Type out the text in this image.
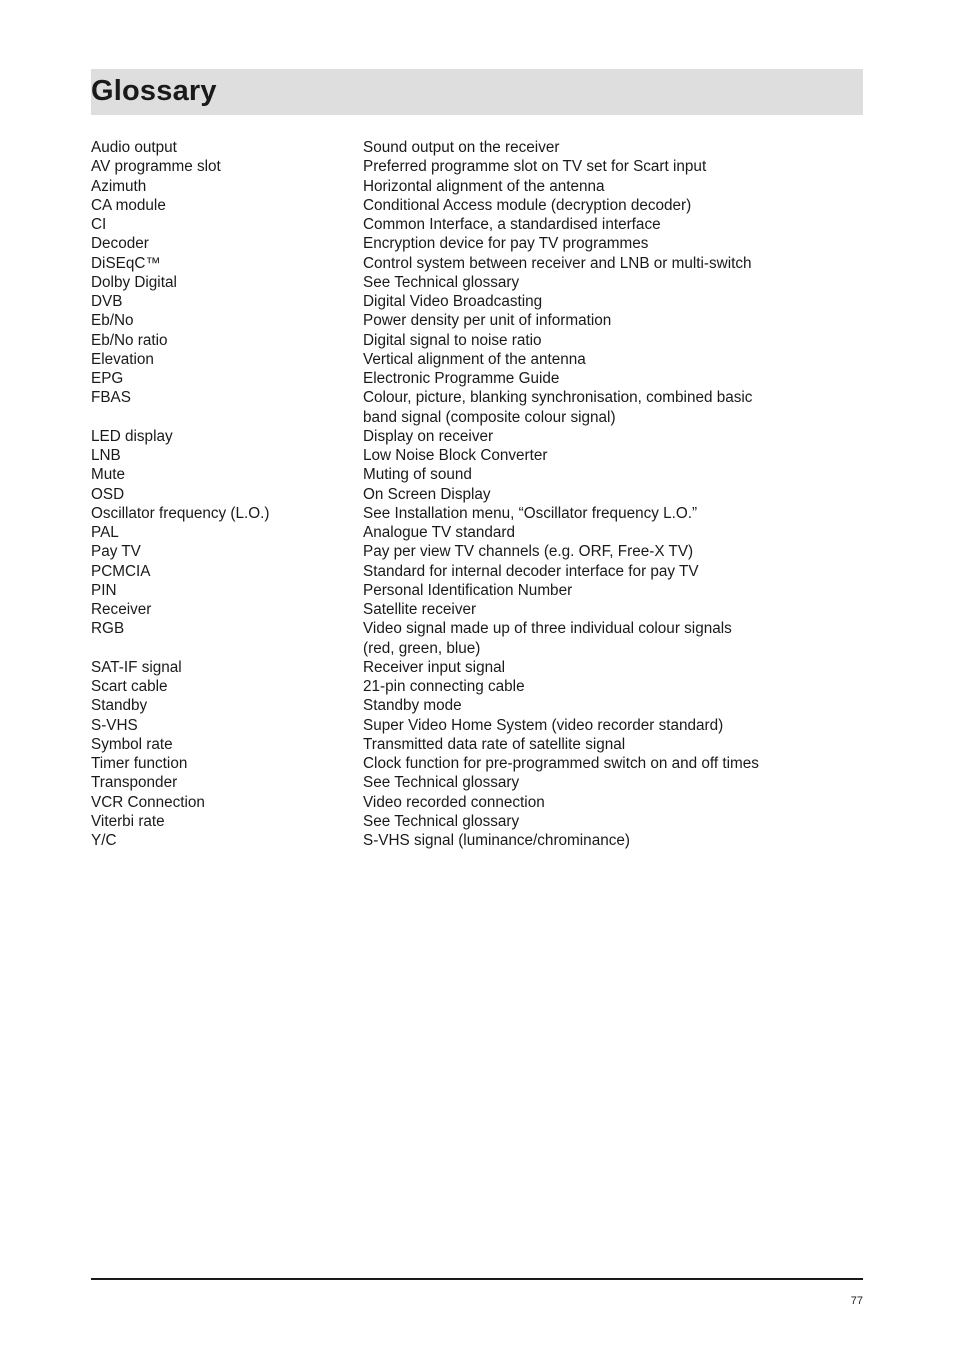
Glossary
Audio output	Sound output on the receiver
AV programme slot	Preferred programme slot on TV set for Scart input
Azimuth	Horizontal alignment of the antenna
CA module	Conditional Access module (decryption decoder)
CI	Common Interface, a standardised interface
Decoder	Encryption device for pay TV programmes
DiSEqC™	Control system between receiver and LNB or multi-switch
Dolby Digital	See Technical glossary
DVB	Digital Video Broadcasting
Eb/No	Power density per unit of information
Eb/No ratio	Digital signal to noise ratio
Elevation	Vertical alignment of the antenna
EPG	Electronic Programme Guide
FBAS	Colour, picture, blanking synchronisation, combined basic
band signal (composite colour signal)
LED display	Display on receiver
LNB	Low Noise Block Converter
Mute	Muting of sound
OSD	On Screen Display
Oscillator frequency (L.O.)	See Installation menu, “Oscillator frequency L.O.”
PAL	Analogue TV standard
Pay TV	Pay per view TV channels (e.g. ORF, Free-X TV)
PCMCIA	Standard for internal decoder interface for pay TV
PIN	Personal Identification Number
Receiver	Satellite receiver
RGB	Video signal made up of three individual colour signals
(red, green, blue)
SAT-IF signal	Receiver input signal
Scart cable	21-pin connecting cable
Standby	Standby mode
S-VHS	Super Video Home System (video recorder standard)
Symbol rate	Transmitted data rate of satellite signal
Timer function	Clock function for pre-programmed switch on and off times
Transponder	See Technical glossary
VCR Connection	Video recorded connection
Viterbi rate	See Technical glossary
Y/C	S-VHS signal (luminance/chrominance)
77
